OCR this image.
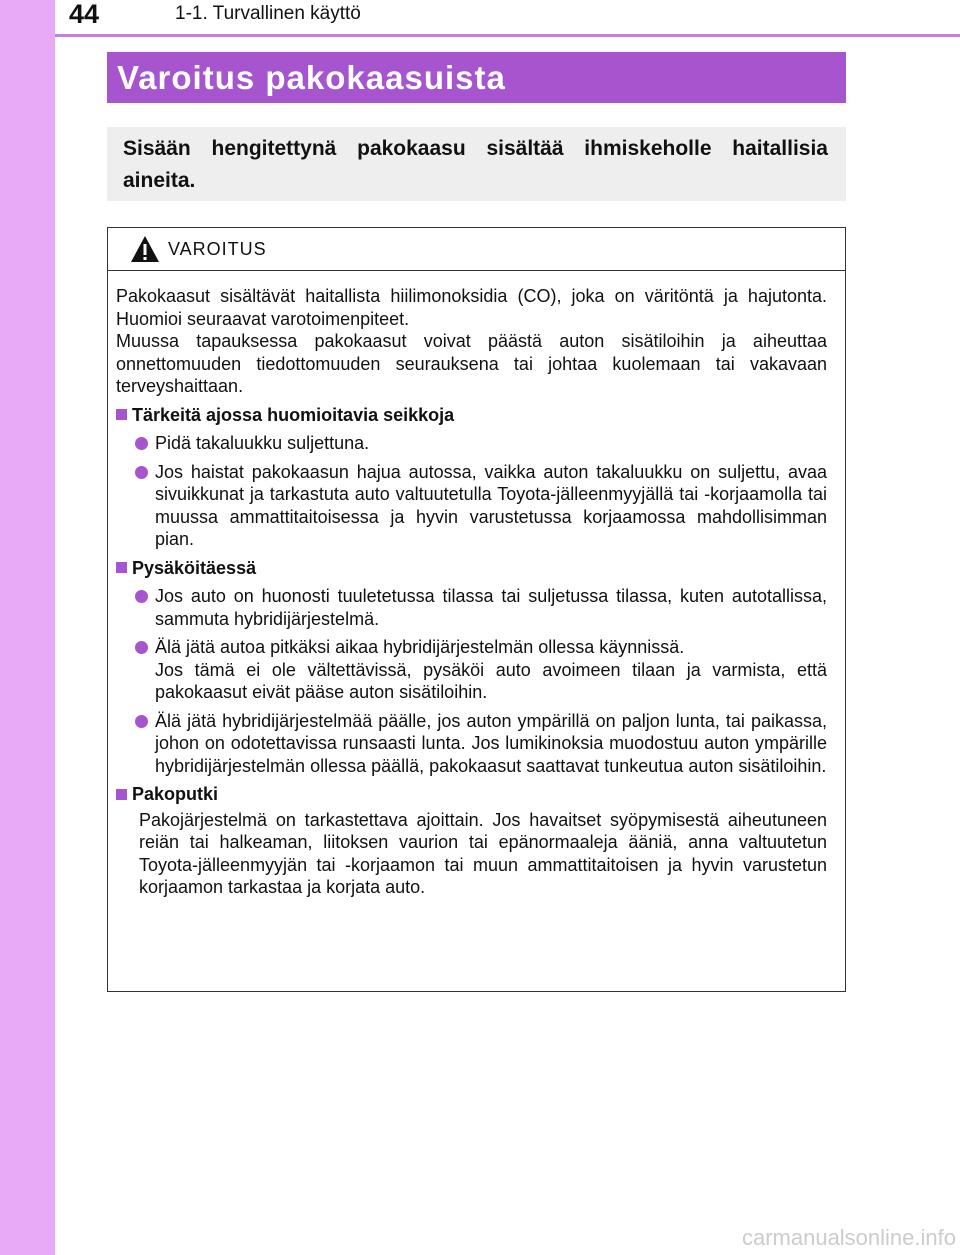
44	1-1. Turvallinen käyttö
Varoitus pakokaasuista
Sisään hengitettynä pakokaasu sisältää ihmiskeholle haitallisia aineita.
VAROITUS

Pakokaasut sisältävät haitallista hiilimonoksidia (CO), joka on väritöntä ja hajutonta. Huomioi seuraavat varotoimenpiteet.

Muussa tapauksessa pakokaasut voivat päästä auton sisätiloihin ja aiheuttaa onnettomuuden tiedottomuuden seurauksena tai johtaa kuolemaan tai vakavaan terveyshaittaan.

Tärkeitä ajossa huomioitavia seikkoja
Pidä takaluukku suljettuna.
Jos haistat pakokaasun hajua autossa, vaikka auton takaluukku on suljettu, avaa sivuikkunat ja tarkastuta auto valtuutetulla Toyota-jälleenmyyjällä tai -korjaamolla tai muussa ammattitaitoisessa ja hyvin varustetussa korjaamossa mahdollisimman pian.
Pysäköitäessä
Jos auto on huonosti tuuletetussa tilassa tai suljetussa tilassa, kuten autotallissa, sammuta hybridijärjestelmä.
Älä jätä autoa pitkäksi aikaa hybridijärjestelmän ollessa käynnissä.
Jos tämä ei ole vältettävissä, pysäköi auto avoimeen tilaan ja varmista, että pakokaasut eivät pääse auton sisätiloihin.
Älä jätä hybridijärjestelmää päälle, jos auton ympärillä on paljon lunta, tai paikassa, johon on odotettavissa runsaasti lunta. Jos lumikinoksia muodostuu auton ympärille hybridijärjestelmän ollessa päällä, pakokaasut saattavat tunkeutua auton sisätiloihin.
Pakoputki
Pakojärjestelmä on tarkastettava ajoittain. Jos havaitset syöpymisestä aiheutuneen reiän tai halkeaman, liitoksen vaurion tai epänormaaleja ääniä, anna valtuutetun Toyota-jälleenmyyjän tai -korjaamon tai muun ammattitaitoisen ja hyvin varustetun korjaamon tarkastaa ja korjata auto.
carmanualsonline.info
